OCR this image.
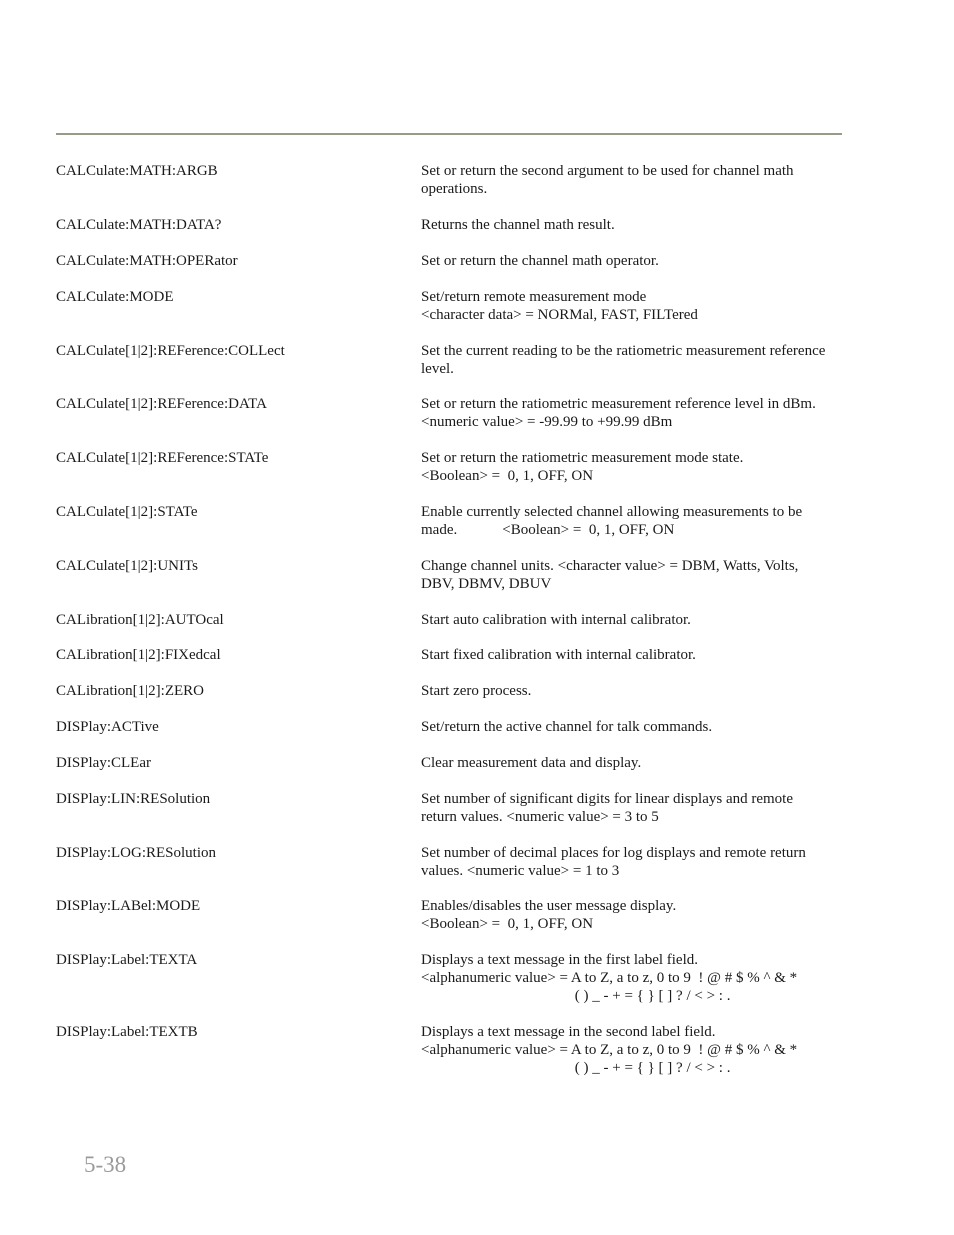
CALCulate:MATH:ARGB	Set or return the second argument to be used for channel math
operations.
CALCulate:MATH:DATA?	Returns the channel math result.
CALCulate:MATH:OPERator	Set or return the channel math operator.
CALCulate:MODE	Set/return remote measurement mode
<character data> = NORMal, FAST, FILTered
CALCulate[1|2]:REFerence:COLLect	Set the current reading to be the ratiometric measurement reference
level.
CALCulate[1|2]:REFerence:DATA	Set or return the ratiometric measurement reference level in dBm.
<numeric value> = -99.99 to +99.99 dBm
CALCulate[1|2]:REFerence:STATe	Set or return the ratiometric measurement mode state.
<Boolean> =  0, 1, OFF, ON
CALCulate[1|2]:STATe	Enable currently selected channel allowing measurements to be
made.            <Boolean> =  0, 1, OFF, ON
CALCulate[1|2]:UNITs	Change channel units. <character value> = DBM, Watts, Volts,
DBV, DBMV, DBUV
CALibration[1|2]:AUTOcal	Start auto calibration with internal calibrator.
CALibration[1|2]:FIXedcal	Start fixed calibration with internal calibrator.
CALibration[1|2]:ZERO	Start zero process.
DISPlay:ACTive	Set/return the active channel for talk commands.
DISPlay:CLEar	Clear measurement data and display.
DISPlay:LIN:RESolution	Set number of significant digits for linear displays and remote
return values. <numeric value> = 3 to 5
DISPlay:LOG:RESolution	Set number of decimal places for log displays and remote return
values. <numeric value> = 1 to 3
DISPlay:LABel:MODE	Enables/disables the user message display.
<Boolean> =  0, 1, OFF, ON
DISPlay:Label:TEXTA	Displays a text message in the first label field.
<alphanumeric value> = A to Z, a to z, 0 to 9  ! @ # $ % ^ & *
( ) _ - + = { } [ ] ? / < > : .
DISPlay:Label:TEXTB	Displays a text message in the second label field.
<alphanumeric value> = A to Z, a to z, 0 to 9  ! @ # $ % ^ & *
( ) _ - + = { } [ ] ? / < > : .
5-38
